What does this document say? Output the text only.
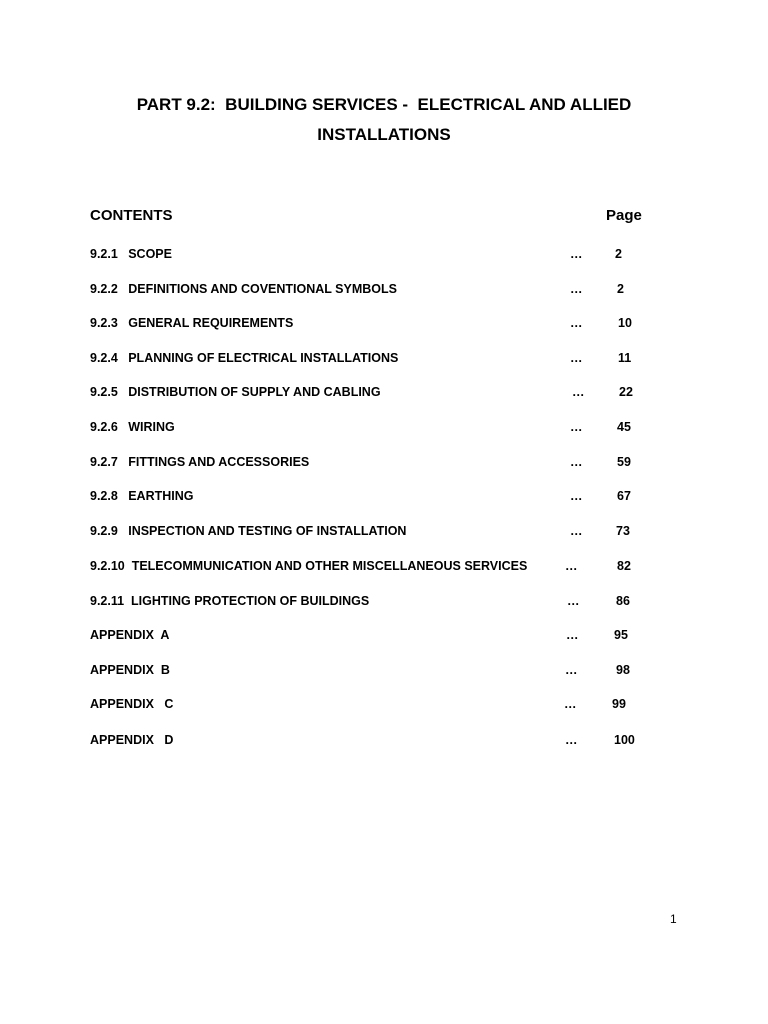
PART 9.2:  BUILDING SERVICES -  ELECTRICAL AND ALLIED
INSTALLATIONS
CONTENTS	Page
9.2.1   SCOPE	…	2
9.2.2   DEFINITIONS AND COVENTIONAL SYMBOLS	…	2
9.2.3   GENERAL REQUIREMENTS	…	10
9.2.4   PLANNING OF ELECTRICAL INSTALLATIONS	…	11
9.2.5   DISTRIBUTION OF SUPPLY AND CABLING	…	22
9.2.6   WIRING	…	45
9.2.7   FITTINGS AND ACCESSORIES	…	59
9.2.8   EARTHING	…	67
9.2.9   INSPECTION AND TESTING OF INSTALLATION	…	73
9.2.10  TELECOMMUNICATION AND OTHER MISCELLANEOUS SERVICES	…	82
9.2.11  LIGHTING PROTECTION OF BUILDINGS	…	86
APPENDIX  A	…	95
APPENDIX  B	…	98
APPENDIX   C	…	99
APPENDIX   D	…	100
1
